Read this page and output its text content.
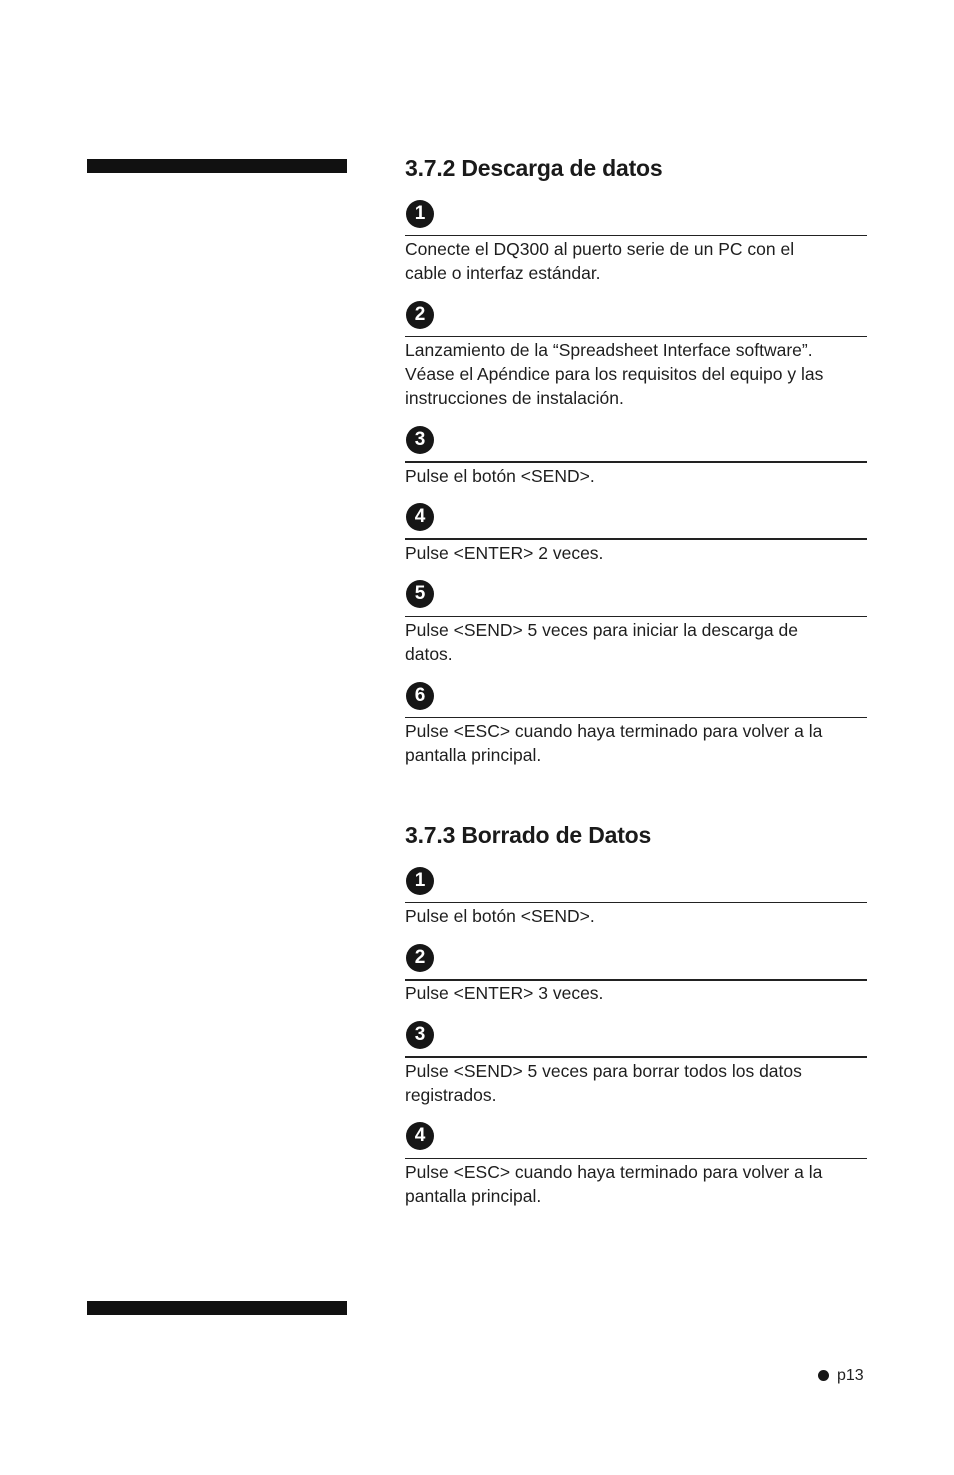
3.7.2 Descarga de datos
1
Conecte el DQ300 al puerto serie de un PC con el
cable o interfaz estándar.
2
Lanzamiento de la “Spreadsheet Interface software”.
Véase el Apéndice para los requisitos del equipo y las
instrucciones de instalación.
3
Pulse el botón <SEND>.
4
Pulse <ENTER> 2 veces.
5
Pulse <SEND> 5 veces para iniciar la descarga de
datos.
6
Pulse <ESC> cuando haya terminado para volver a la
pantalla principal.
3.7.3 Borrado de Datos
1
Pulse el botón <SEND>.
2
Pulse <ENTER> 3 veces.
3
Pulse <SEND> 5 veces para borrar todos los datos
registrados.
4
Pulse <ESC> cuando haya terminado para volver a la
pantalla principal.
p13
